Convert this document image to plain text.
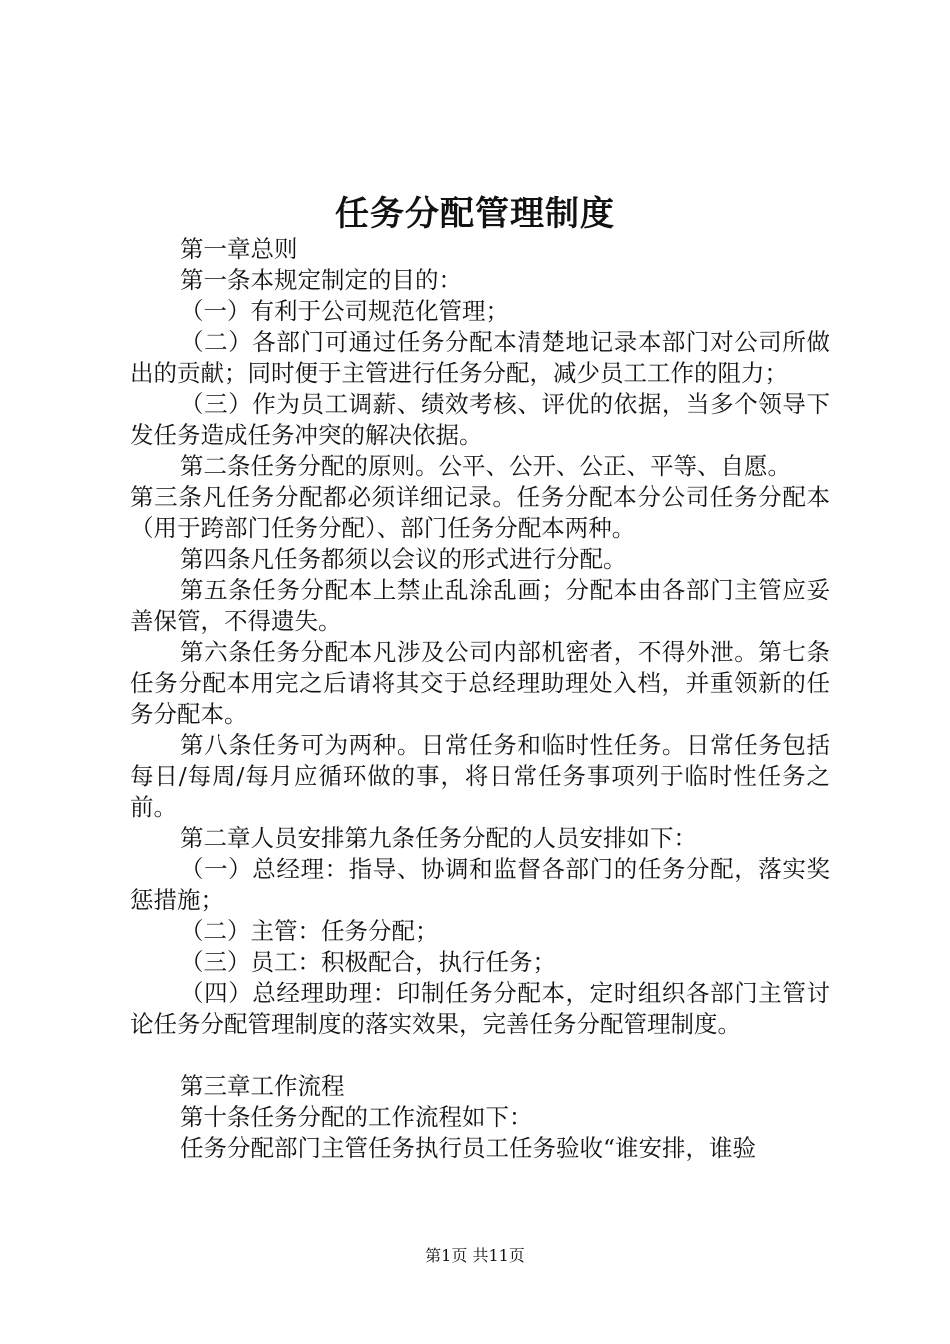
任务分配管理制度

第一章总则

第一条本规定制定的目的：

（一）有利于公司规范化管理；

（二）各部门可通过任务分配本清楚地记录本部门对公司所做出的贡献；同时便于主管进行任务分配，减少员工工作的阻力；

（三）作为员工调薪、绩效考核、评优的依据，当多个领导下发任务造成任务冲突的解决依据。

第二条任务分配的原则。公平、公开、公正、平等、自愿。

第三条凡任务分配都必须详细记录。任务分配本分公司任务分配本（用于跨部门任务分配）、部门任务分配本两种。

第四条凡任务都须以会议的形式进行分配。

第五条任务分配本上禁止乱涂乱画；分配本由各部门主管应妥善保管，不得遗失。

第六条任务分配本凡涉及公司内部机密者，不得外泄。第七条任务分配本用完之后请将其交于总经理助理处入档，并重领新的任务分配本。

第八条任务可为两种。日常任务和临时性任务。日常任务包括每日/每周/每月应循环做的事，将日常任务事项列于临时性任务之前。

第二章人员安排第九条任务分配的人员安排如下：

（一）总经理：指导、协调和监督各部门的任务分配，落实奖惩措施；

（二）主管：任务分配；

（三）员工：积极配合，执行任务；

（四）总经理助理：印制任务分配本，定时组织各部门主管讨论任务分配管理制度的落实效果，完善任务分配管理制度。

第三章工作流程

第十条任务分配的工作流程如下：

任务分配部门主管任务执行员工任务验收“谁安排，谁验

第1页 共11页
